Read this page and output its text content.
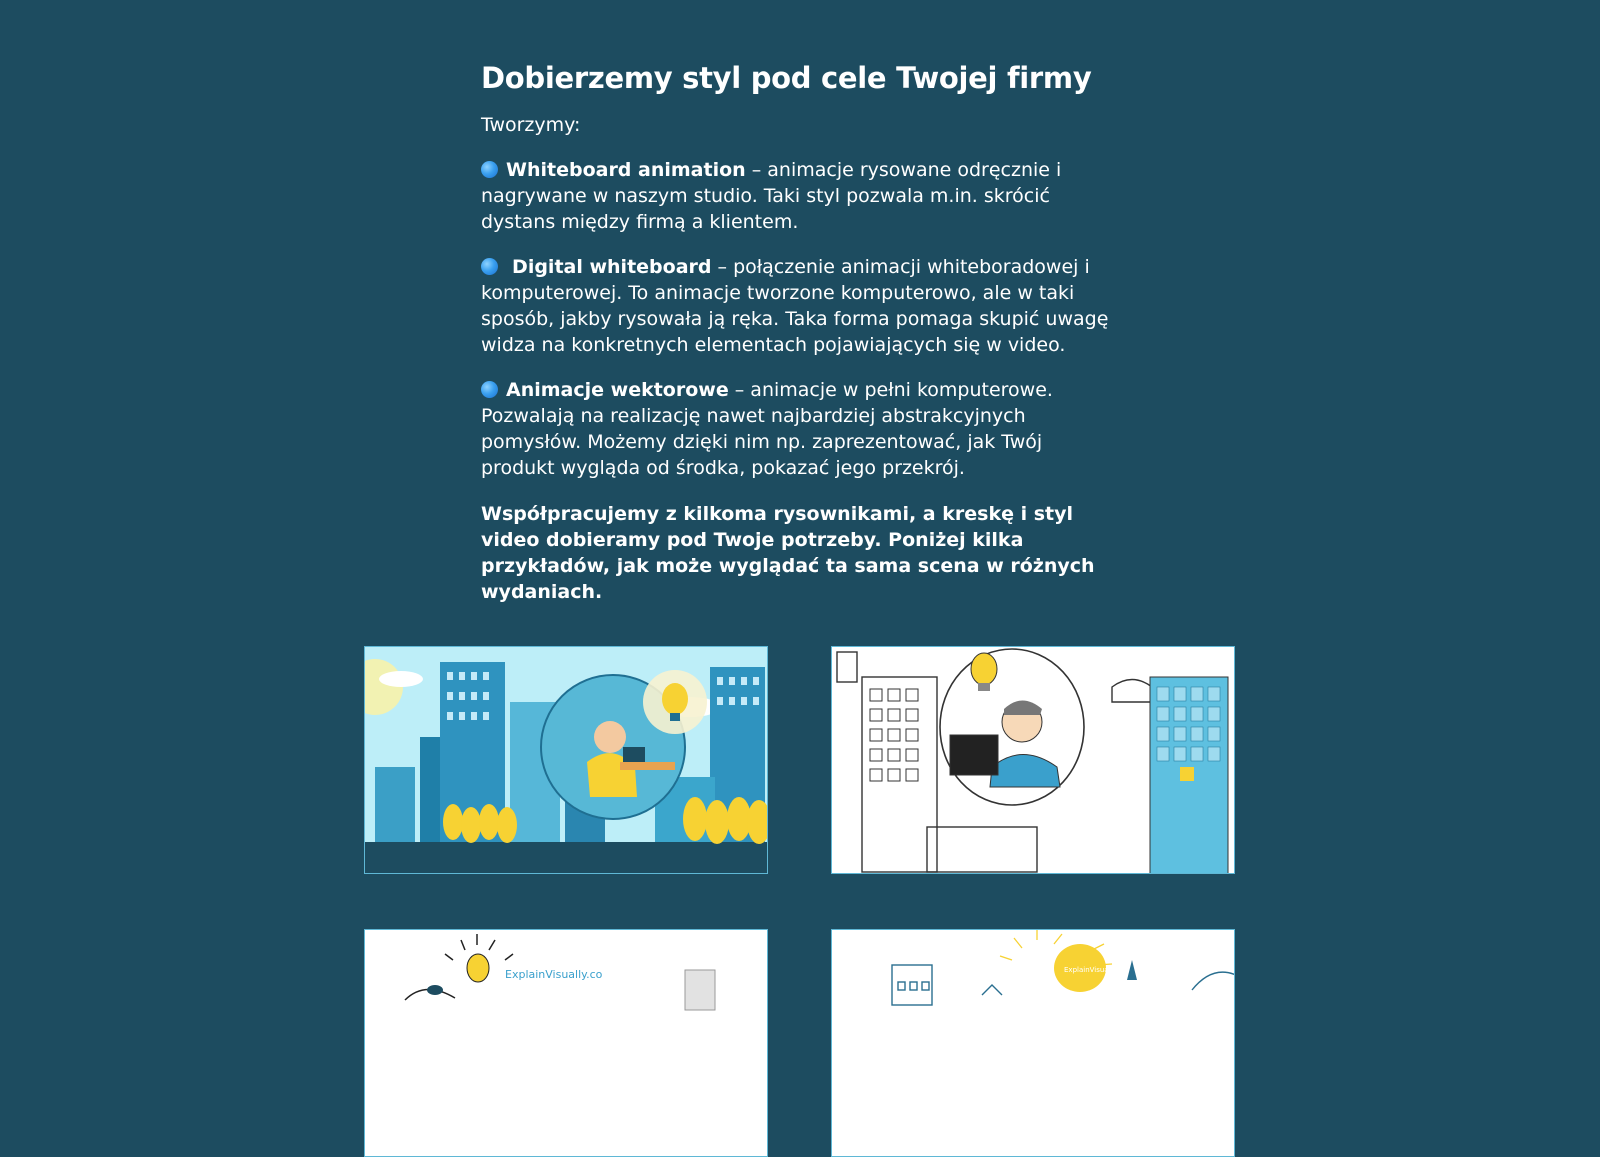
Dobierzemy styl pod cele Twojej firmy

Tworzymy:

Whiteboard animation – animacje rysowane odręcznie i nagrywane w naszym studio. Taki styl pozwala m.in. skrócić dystans między firmą a klientem.

Digital whiteboard – połączenie animacji whiteboradowej i komputerowej. To animacje tworzone komputerowo, ale w taki sposób, jakby rysowała ją ręka. Taka forma pomaga skupić uwagę widza na konkretnych elementach pojawiających się w video.

Animacje wektorowe – animacje w pełni komputerowe. Pozwalają na realizację nawet najbardziej abstrakcyjnych pomysłów. Możemy dzięki nim np. zaprezentować, jak Twój produkt wygląda od środka, pokazać jego przekrój.

Współpracujemy z kilkoma rysownikami, a kreskę i styl video dobieramy pod Twoje potrzeby. Poniżej kilka przykładów, jak może wyglądać ta sama scena w różnych wydaniach.

ExplainVisually.co	ExplainVisually
